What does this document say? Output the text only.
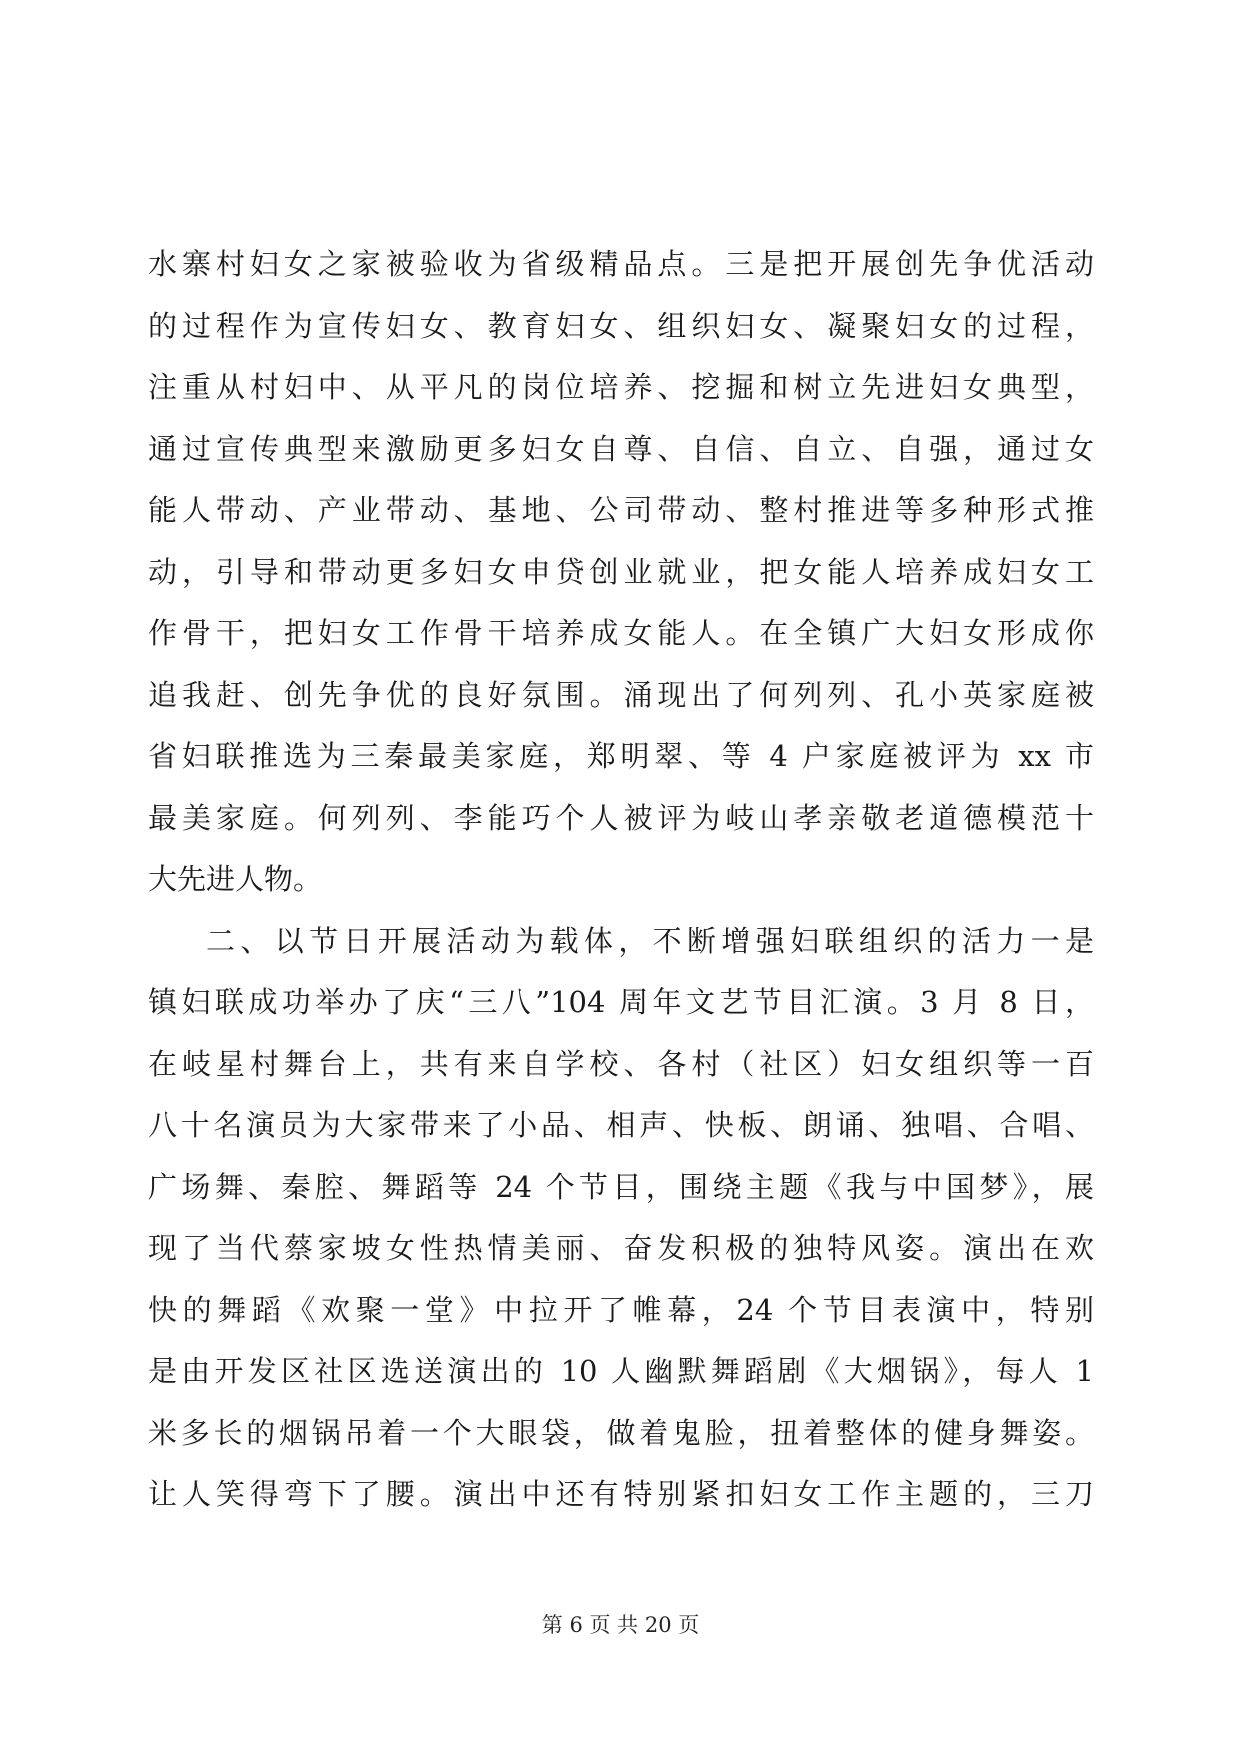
水寨村妇女之家被验收为省级精品点。三是把开展创先争优活动
的过程作为宣传妇女、教育妇女、组织妇女、凝聚妇女的过程，
注重从村妇中、从平凡的岗位培养、挖掘和树立先进妇女典型，
通过宣传典型来激励更多妇女自尊、自信、自立、自强，通过女
能人带动、产业带动、基地、公司带动、整村推进等多种形式推
动，引导和带动更多妇女申贷创业就业，把女能人培养成妇女工
作骨干，把妇女工作骨干培养成女能人。在全镇广大妇女形成你
追我赶、创先争优的良好氛围。涌现出了何列列、孔小英家庭被
省妇联推选为三秦最美家庭，郑明翠、等 4 户家庭被评为 xx 市
最美家庭。何列列、李能巧个人被评为岐山孝亲敬老道德模范十
大先进人物。
二、以节日开展活动为载体，不断增强妇联组织的活力一是
镇妇联成功举办了庆“三八”104 周年文艺节目汇演。3 月 8 日，
在岐星村舞台上，共有来自学校、各村（社区）妇女组织等一百
八十名演员为大家带来了小品、相声、快板、朗诵、独唱、合唱、
广场舞、秦腔、舞蹈等 24 个节目，围绕主题《我与中国梦》，展
现了当代蔡家坡女性热情美丽、奋发积极的独特风姿。演出在欢
快的舞蹈《欢聚一堂》中拉开了帷幕，24 个节目表演中，特别
是由开发区社区选送演出的 10 人幽默舞蹈剧《大烟锅》，每人 1
米多长的烟锅吊着一个大眼袋，做着鬼脸，扭着整体的健身舞姿。
让人笑得弯下了腰。演出中还有特别紧扣妇女工作主题的，三刀
第 6 页 共 20 页
